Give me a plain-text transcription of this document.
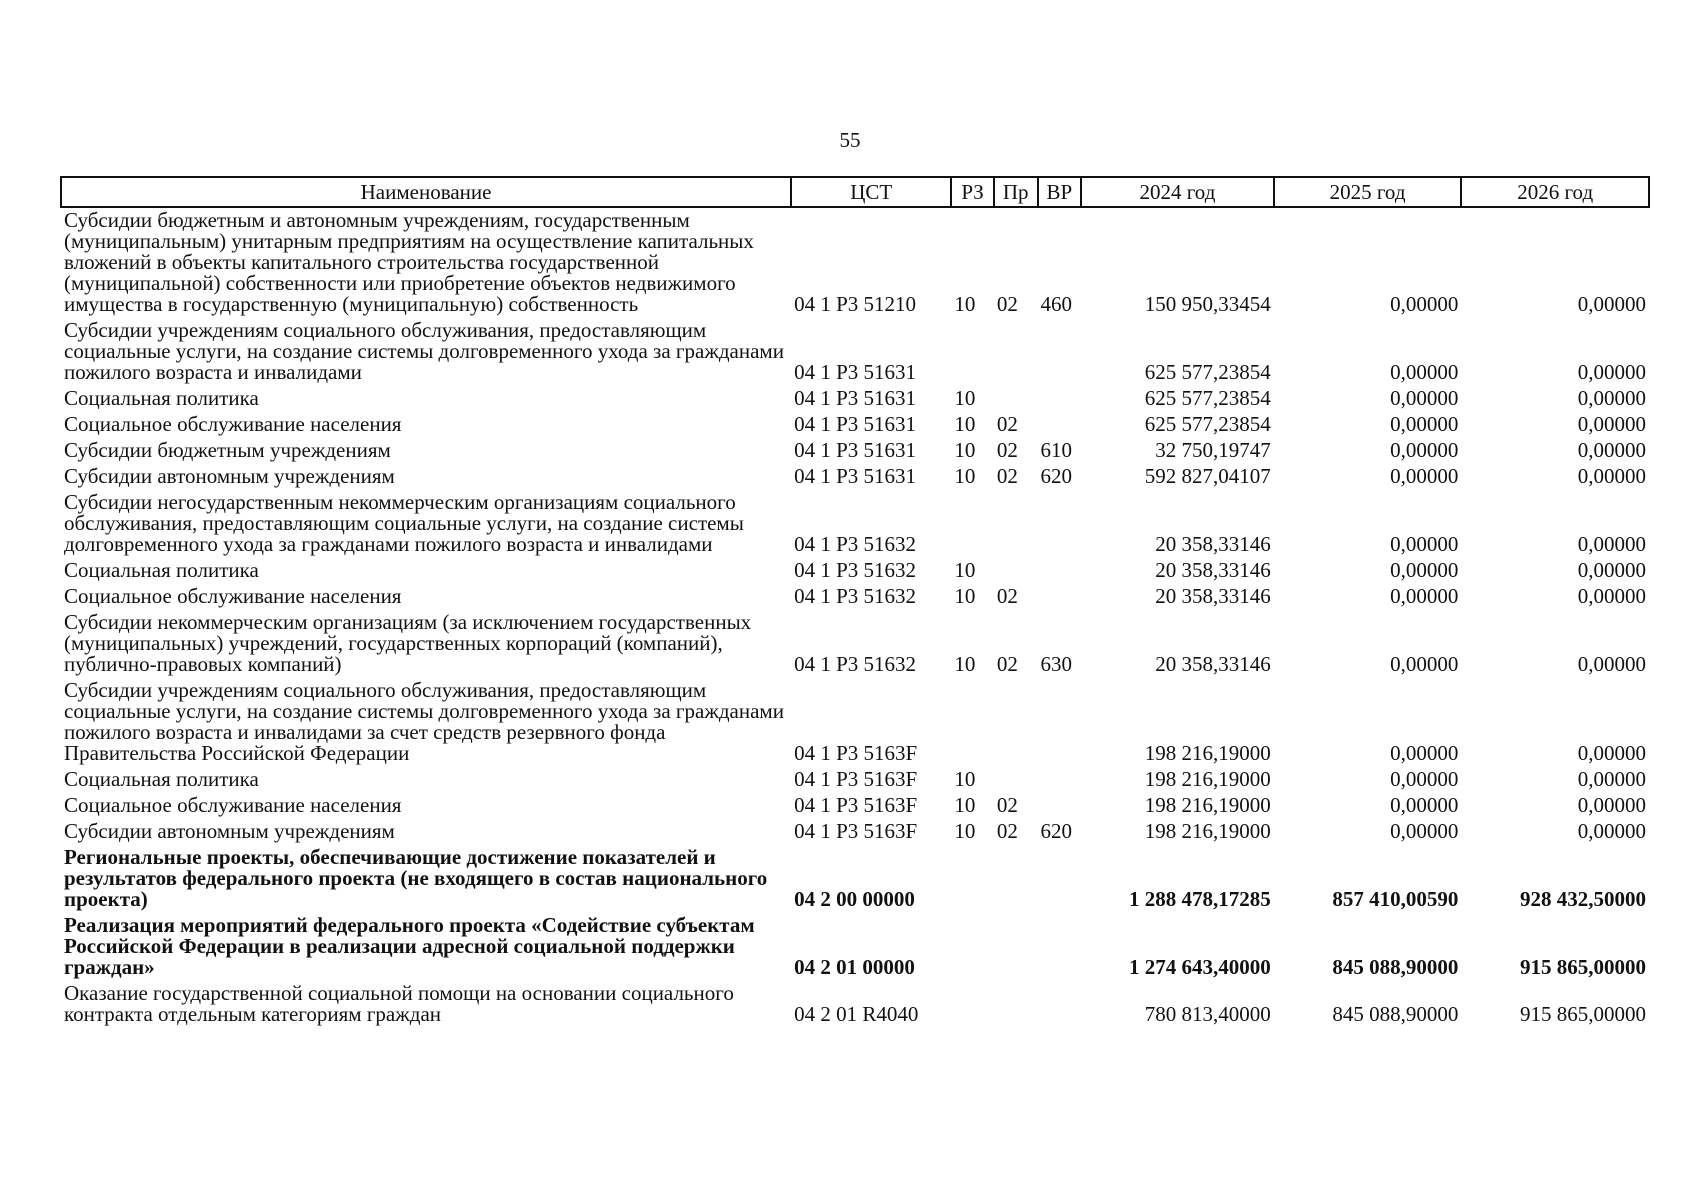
55
Наименование	ЦСТ	РЗ	Пр	ВР	2024 год	2025 год	2026 год
Субсидии бюджетным и автономным учреждениям, государственным (муниципальным) унитарным предприятиям на осуществление капитальных вложений в объекты капитального строительства государственной (муниципальной) собственности или приобретение объектов недвижимого имущества в государственную (муниципальную) собственность	04 1 Р3 51210	10	02	460	150 950,33454	0,00000	0,00000
Субсидии учреждениям социального обслуживания, предоставляющим социальные услуги, на создание системы долговременного ухода за гражданами пожилого возраста и инвалидами	04 1 Р3 51631				625 577,23854	0,00000	0,00000
Социальная политика	04 1 Р3 51631	10			625 577,23854	0,00000	0,00000
Социальное обслуживание населения	04 1 Р3 51631	10	02		625 577,23854	0,00000	0,00000
Субсидии бюджетным учреждениям	04 1 Р3 51631	10	02	610	32 750,19747	0,00000	0,00000
Субсидии автономным учреждениям	04 1 Р3 51631	10	02	620	592 827,04107	0,00000	0,00000
Субсидии негосударственным некоммерческим организациям социального обслуживания, предоставляющим социальные услуги, на создание системы долговременного ухода за гражданами пожилого возраста и инвалидами	04 1 Р3 51632				20 358,33146	0,00000	0,00000
Социальная политика	04 1 Р3 51632	10			20 358,33146	0,00000	0,00000
Социальное обслуживание населения	04 1 Р3 51632	10	02		20 358,33146	0,00000	0,00000
Субсидии некоммерческим организациям (за исключением государственных (муниципальных) учреждений, государственных корпораций (компаний), публично-правовых компаний)	04 1 Р3 51632	10	02	630	20 358,33146	0,00000	0,00000
Субсидии учреждениям социального обслуживания, предоставляющим социальные услуги, на создание системы долговременного ухода за гражданами пожилого возраста и инвалидами за счет средств резервного фонда Правительства Российской Федерации	04 1 Р3 5163F				198 216,19000	0,00000	0,00000
Социальная политика	04 1 Р3 5163F	10			198 216,19000	0,00000	0,00000
Социальное обслуживание населения	04 1 Р3 5163F	10	02		198 216,19000	0,00000	0,00000
Субсидии автономным учреждениям	04 1 Р3 5163F	10	02	620	198 216,19000	0,00000	0,00000
Региональные проекты, обеспечивающие достижение показателей и результатов федерального проекта (не входящего в состав национального проекта)	04 2 00 00000				1 288 478,17285	857 410,00590	928 432,50000
Реализация мероприятий федерального проекта «Содействие субъектам Российской Федерации в реализации адресной социальной поддержки граждан»	04 2 01 00000				1 274 643,40000	845 088,90000	915 865,00000
Оказание государственной социальной помощи на основании социального контракта отдельным категориям граждан	04 2 01 R4040				780 813,40000	845 088,90000	915 865,00000
